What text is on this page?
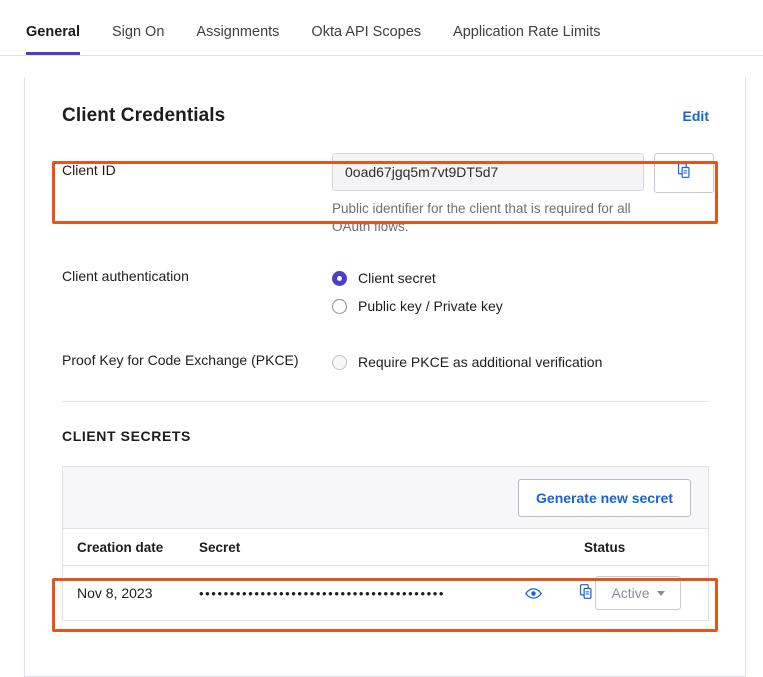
General Sign On Assignments Okta API Scopes Application Rate Limits
Client Credentials	Edit
Client ID	0oad67jgq5m7vt9DT5d7
Public identifier for the client that is required for all OAuth flows.
Client authentication	Client secret
Public key / Private key
Proof Key for Code Exchange (PKCE)	Require PKCE as additional verification
CLIENT SECRETS
Generate new secret
Creation date	Secret	Status
Nov 8, 2023	••••••••••••••••••••••••••••••••••••••••	Active
